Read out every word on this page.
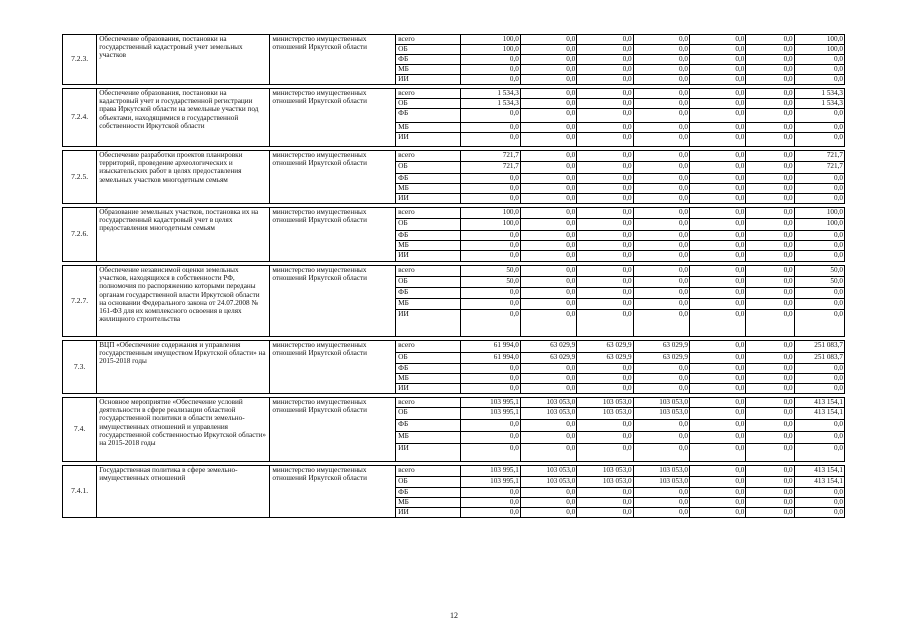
7.2.3.	Обеспечение образования, постановки на государственный кадастровый учет земельных участков	министерство имущественных отношений Иркутской области	всего	100,0	0,0	0,0	0,0	0,0	0,0	100,0
			ОБ	100,0	0,0	0,0	0,0	0,0	0,0	100,0
			ФБ	0,0	0,0	0,0	0,0	0,0	0,0	0,0
			МБ	0,0	0,0	0,0	0,0	0,0	0,0	0,0
			ИИ	0,0	0,0	0,0	0,0	0,0	0,0	0,0

7.2.4.	Обеспечение образования, постановки на кадастровый учет и государственной регистрации права Иркутской области на земельные участки под объектами, находящимися в государственной собственности Иркутской области	министерство имущественных отношений Иркутской области	всего	1 534,3	0,0	0,0	0,0	0,0	0,0	1 534,3
			ОБ	1 534,3	0,0	0,0	0,0	0,0	0,0	1 534,3
			ФБ	0,0	0,0	0,0	0,0	0,0	0,0	0,0
			МБ	0,0	0,0	0,0	0,0	0,0	0,0	0,0
			ИИ	0,0	0,0	0,0	0,0	0,0	0,0	0,0

7.2.5.	Обеспечение разработки проектов планировки территорий, проведение археологических и изыскательских работ в целях предоставления земельных участков многодетным семьям	министерство имущественных отношений Иркутской области	всего	721,7	0,0	0,0	0,0	0,0	0,0	721,7
			ОБ	721,7	0,0	0,0	0,0	0,0	0,0	721,7
			ФБ	0,0	0,0	0,0	0,0	0,0	0,0	0,0
			МБ	0,0	0,0	0,0	0,0	0,0	0,0	0,0
			ИИ	0,0	0,0	0,0	0,0	0,0	0,0	0,0

7.2.6.	Образование земельных участков, постановка их на государственный кадастровый учет в целях предоставления многодетным семьям	министерство имущественных отношений Иркутской области	всего	100,0	0,0	0,0	0,0	0,0	0,0	100,0
			ОБ	100,0	0,0	0,0	0,0	0,0	0,0	100,0
			ФБ	0,0	0,0	0,0	0,0	0,0	0,0	0,0
			МБ	0,0	0,0	0,0	0,0	0,0	0,0	0,0
			ИИ	0,0	0,0	0,0	0,0	0,0	0,0	0,0

7.2.7.	Обеспечение независимой оценки земельных участков, находящихся в собственности РФ, полномочия по распоряжению которыми переданы органам государственной власти Иркутской области на основании Федерального закона от 24.07.2008 № 161-ФЗ для их комплексного освоения в целях жилищного строительства	министерство имущественных отношений Иркутской области	всего	50,0	0,0	0,0	0,0	0,0	0,0	50,0
			ОБ	50,0	0,0	0,0	0,0	0,0	0,0	50,0
			ФБ	0,0	0,0	0,0	0,0	0,0	0,0	0,0
			МБ	0,0	0,0	0,0	0,0	0,0	0,0	0,0
			ИИ	0,0	0,0	0,0	0,0	0,0	0,0	0,0

7.3.	ВЦП «Обеспечение содержания и управления государственным имуществом Иркутской области» на 2015-2018 годы	министерство имущественных отношений Иркутской области	всего	61 994,0	63 029,9	63 029,9	63 029,9	0,0	0,0	251 083,7
			ОБ	61 994,0	63 029,9	63 029,9	63 029,9	0,0	0,0	251 083,7
			ФБ	0,0	0,0	0,0	0,0	0,0	0,0	0,0
			МБ	0,0	0,0	0,0	0,0	0,0	0,0	0,0
			ИИ	0,0	0,0	0,0	0,0	0,0	0,0	0,0

7.4.	Основное мероприятие «Обеспечение условий деятельности в сфере реализации областной государственной политики в области земельно-имущественных отношений и управления государственной собственностью Иркутской области» на 2015-2018 годы	министерство имущественных отношений Иркутской области	всего	103 995,1	103 053,0	103 053,0	103 053,0	0,0	0,0	413 154,1
			ОБ	103 995,1	103 053,0	103 053,0	103 053,0	0,0	0,0	413 154,1
			ФБ	0,0	0,0	0,0	0,0	0,0	0,0	0,0
			МБ	0,0	0,0	0,0	0,0	0,0	0,0	0,0
			ИИ	0,0	0,0	0,0	0,0	0,0	0,0	0,0

7.4.1.	Государственная политика в сфере земельно-имущественных отношений	министерство имущественных отношений Иркутской области	всего	103 995,1	103 053,0	103 053,0	103 053,0	0,0	0,0	413 154,1
			ОБ	103 995,1	103 053,0	103 053,0	103 053,0	0,0	0,0	413 154,1
			ФБ	0,0	0,0	0,0	0,0	0,0	0,0	0,0
			МБ	0,0	0,0	0,0	0,0	0,0	0,0	0,0
			ИИ	0,0	0,0	0,0	0,0	0,0	0,0	0,0
12
